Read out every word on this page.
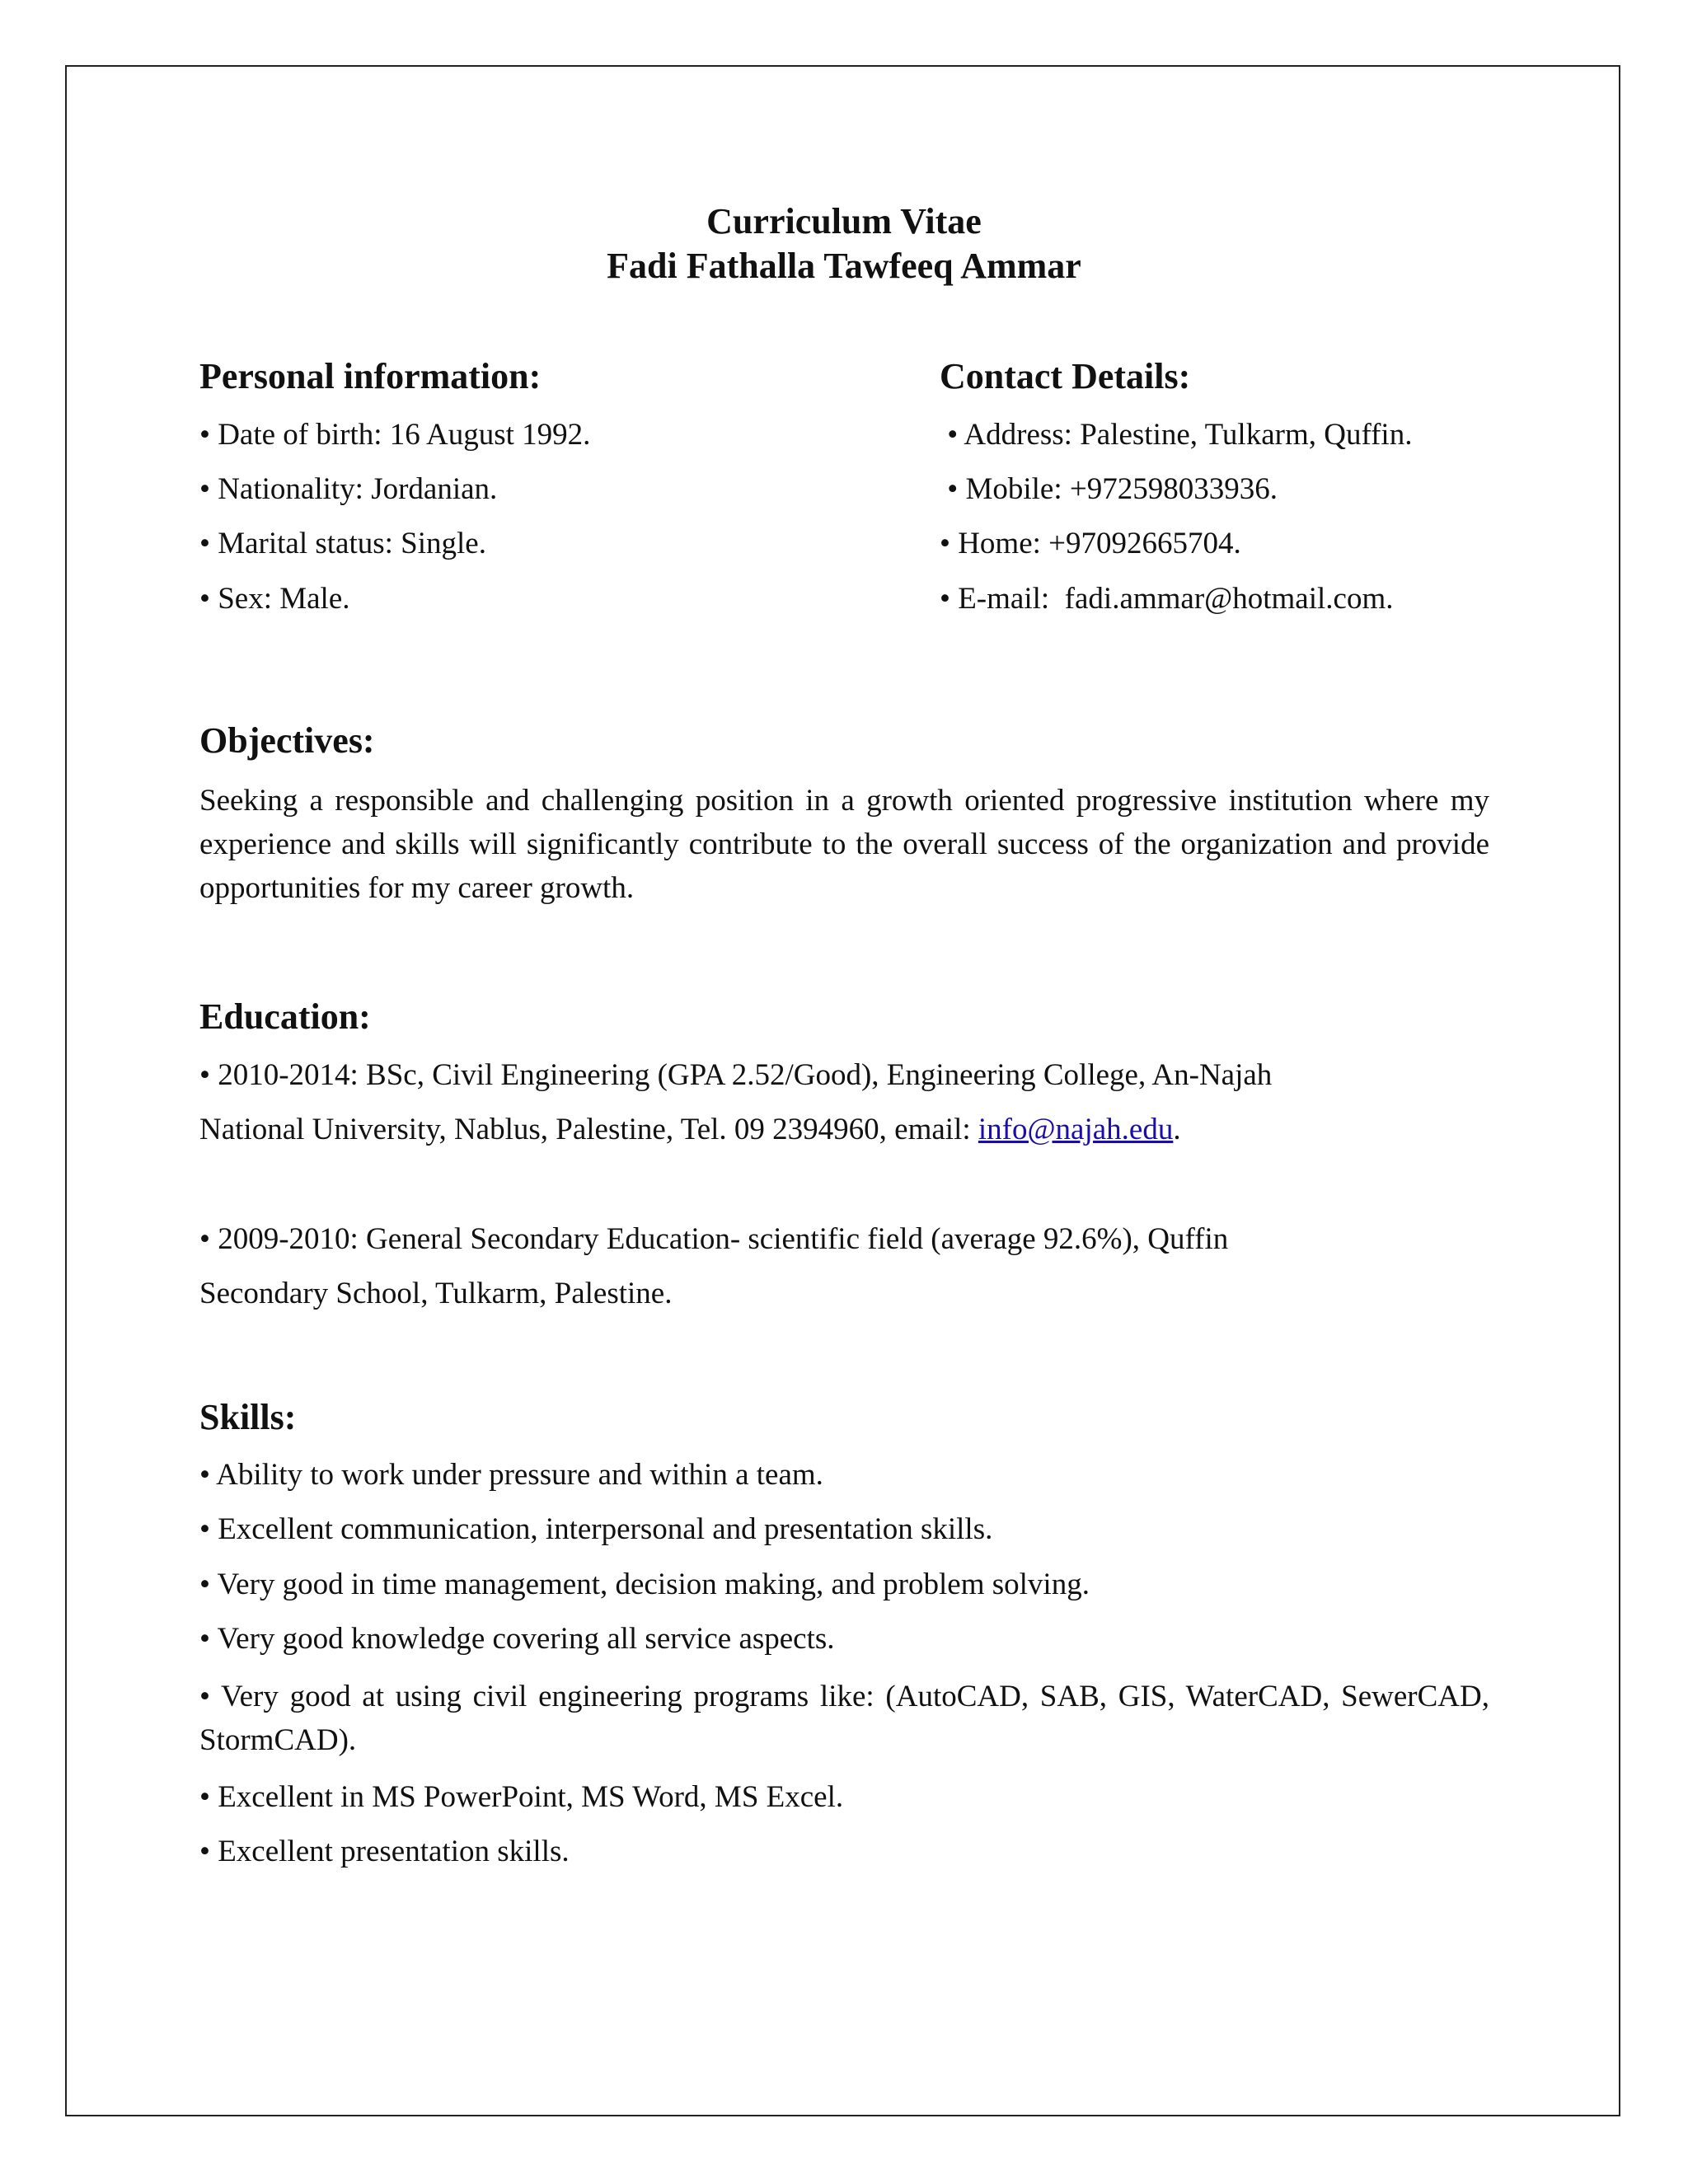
Curriculum Vitae
Fadi Fathalla Tawfeeq Ammar
Personal information:
• Date of birth: 16 August 1992.
• Nationality: Jordanian.
• Marital status: Single.
• Sex: Male.
Contact Details:
• Address: Palestine, Tulkarm, Quffin.
• Mobile: +972598033936.
• Home: +97092665704.
• E-mail:  fadi.ammar@hotmail.com.
Objectives:
Seeking a responsible and challenging position in a growth oriented progressive institution where my experience and skills will significantly contribute to the overall success of the organization and provide opportunities for my career growth.
Education:
• 2010-2014: BSc, Civil Engineering (GPA 2.52/Good), Engineering College, An-Najah
National University, Nablus, Palestine, Tel. 09 2394960, email: info@najah.edu.
• 2009-2010: General Secondary Education- scientific field (average 92.6%), Quffin
Secondary School, Tulkarm, Palestine.
Skills:
• Ability to work under pressure and within a team.
• Excellent communication, interpersonal and presentation skills.
• Very good in time management, decision making, and problem solving.
• Very good knowledge covering all service aspects.
• Very good at using civil engineering programs like: (AutoCAD, SAB, GIS, WaterCAD, SewerCAD, StormCAD).
• Excellent in MS PowerPoint, MS Word, MS Excel.
• Excellent presentation skills.
